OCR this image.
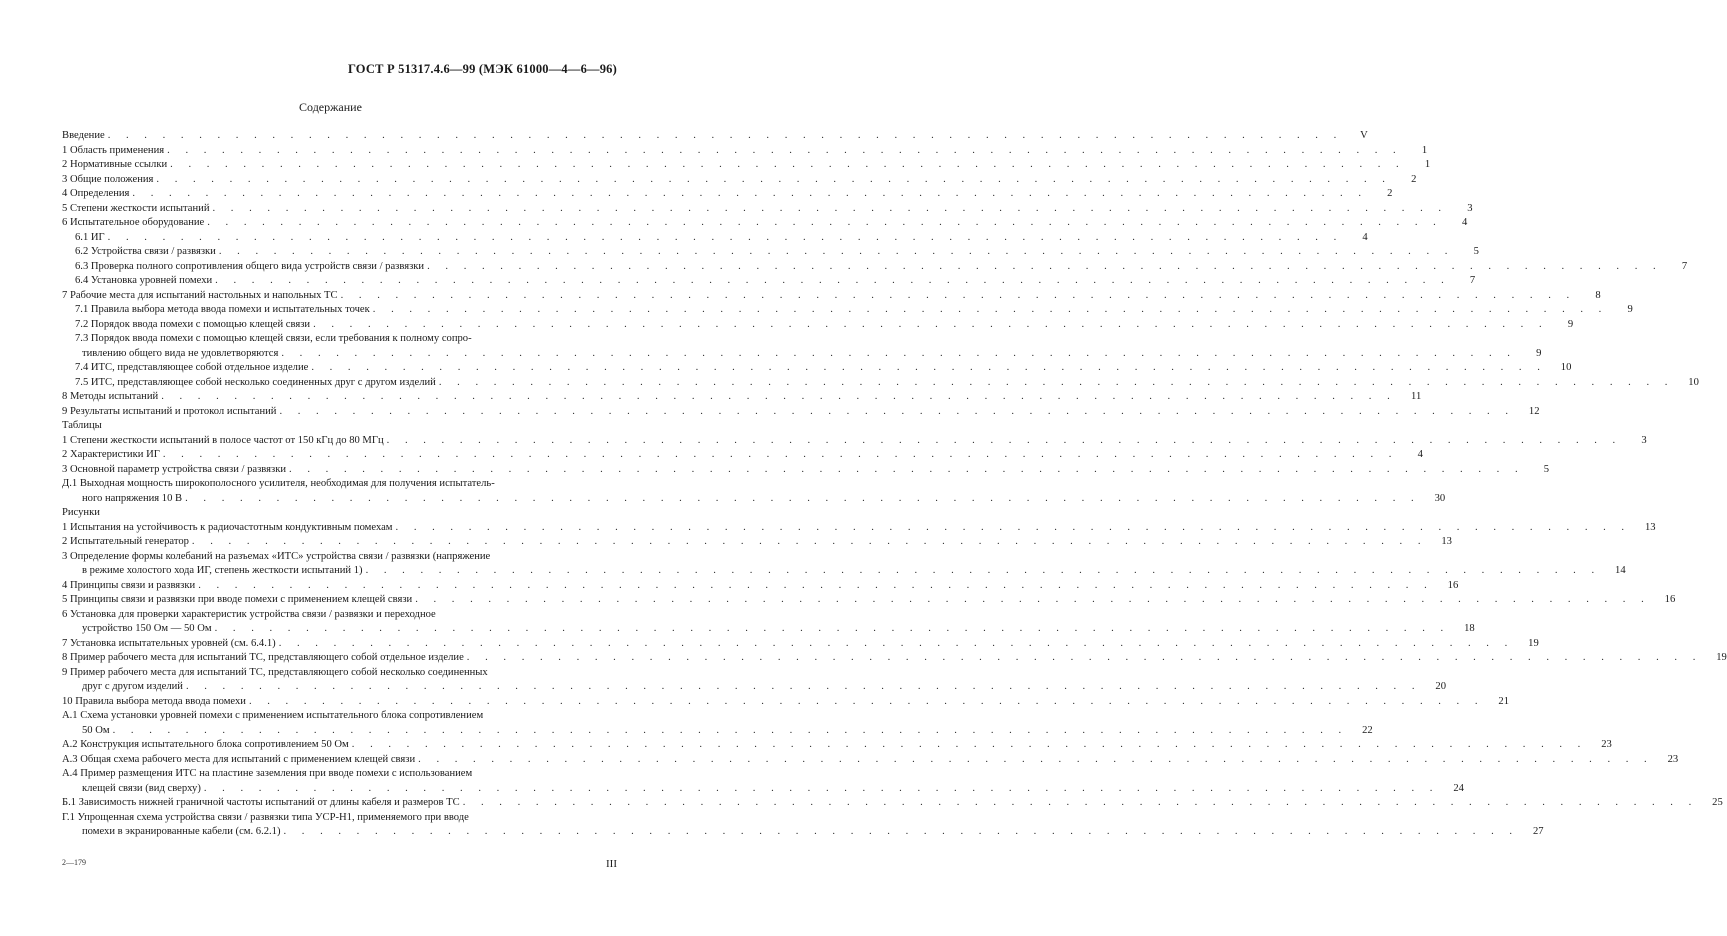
ГОСТ Р 51317.4.6—99 (МЭК 61000—4—6—96)
Содержание
Введение . . . . . . . . . . . . . . . . . . . . . . . . . . . . . . . . . . . . . . . . . . . . . . . . . . . . . . . . . . . . . . . . . . . .	V
1 Область применения . . . . . . . . . . . . . . . . . . . . . . . . . . . . . . . . . . . . . . . . . . . . . . . . . . . . . . . . . . . . . . . . . . . .	1
2 Нормативные ссылки . . . . . . . . . . . . . . . . . . . . . . . . . . . . . . . . . . . . . . . . . . . . . . . . . . . . . . . . . . . . . . . . . . . .	1
3 Общие положения . . . . . . . . . . . . . . . . . . . . . . . . . . . . . . . . . . . . . . . . . . . . . . . . . . . . . . . . . . . . . . . . . . . .	2
4 Определения . . . . . . . . . . . . . . . . . . . . . . . . . . . . . . . . . . . . . . . . . . . . . . . . . . . . . . . . . . . . . . . . . . . .	2
5 Степени жесткости испытаний . . . . . . . . . . . . . . . . . . . . . . . . . . . . . . . . . . . . . . . . . . . . . . . . . . . . . . . . . . . . . . . . . . . .	3
6 Испытательное оборудование . . . . . . . . . . . . . . . . . . . . . . . . . . . . . . . . . . . . . . . . . . . . . . . . . . . . . . . . . . . . . . . . . . . .	4
6.1 ИГ . . . . . . . . . . . . . . . . . . . . . . . . . . . . . . . . . . . . . . . . . . . . . . . . . . . . . . . . . . . . . . . . . . . .	4
6.2 Устройства связи / развязки . . . . . . . . . . . . . . . . . . . . . . . . . . . . . . . . . . . . . . . . . . . . . . . . . . . . . . . . . . . . . . . . . . . .	5
6.3 Проверка полного сопротивления общего вида устройств связи / развязки . . . . . . . . . . . . . . . . . . . . . . . . . . . . . . . . . . . . . . . . . . . . . . . . . . . . . . . . . . . . . . . . . . . .	7
6.4 Установка уровней помехи . . . . . . . . . . . . . . . . . . . . . . . . . . . . . . . . . . . . . . . . . . . . . . . . . . . . . . . . . . . . . . . . . . . .	7
7 Рабочие места для испытаний настольных и напольных ТС . . . . . . . . . . . . . . . . . . . . . . . . . . . . . . . . . . . . . . . . . . . . . . . . . . . . . . . . . . . . . . . . . . . .	8
7.1 Правила выбора метода ввода помехи и испытательных точек . . . . . . . . . . . . . . . . . . . . . . . . . . . . . . . . . . . . . . . . . . . . . . . . . . . . . . . . . . . . . . . . . . . .	9
7.2 Порядок ввода помехи с помощью клещей связи . . . . . . . . . . . . . . . . . . . . . . . . . . . . . . . . . . . . . . . . . . . . . . . . . . . . . . . . . . . . . . . . . . . .	9
7.3 Порядок ввода помехи с помощью клещей связи, если требования к полному сопро-
тивлению общего вида не удовлетворяются . . . . . . . . . . . . . . . . . . . . . . . . . . . . . . . . . . . . . . . . . . . . . . . . . . . . . . . . . . . . . . . . . . . .	9
7.4 ИТС, представляющее собой отдельное изделие . . . . . . . . . . . . . . . . . . . . . . . . . . . . . . . . . . . . . . . . . . . . . . . . . . . . . . . . . . . . . . . . . . . .	10
7.5 ИТС, представляющее собой несколько соединенных друг с другом изделий . . . . . . . . . . . . . . . . . . . . . . . . . . . . . . . . . . . . . . . . . . . . . . . . . . . . . . . . . . . . . . . . . . . .	10
8 Методы испытаний . . . . . . . . . . . . . . . . . . . . . . . . . . . . . . . . . . . . . . . . . . . . . . . . . . . . . . . . . . . . . . . . . . . .	11
9 Результаты испытаний и протокол испытаний . . . . . . . . . . . . . . . . . . . . . . . . . . . . . . . . . . . . . . . . . . . . . . . . . . . . . . . . . . . . . . . . . . . .	12
Таблицы
1 Степени жесткости испытаний в полосе частот от 150 кГц до 80 МГц . . . . . . . . . . . . . . . . . . . . . . . . . . . . . . . . . . . . . . . . . . . . . . . . . . . . . . . . . . . . . . . . . . . .	3
2 Характеристики ИГ . . . . . . . . . . . . . . . . . . . . . . . . . . . . . . . . . . . . . . . . . . . . . . . . . . . . . . . . . . . . . . . . . . . .	4
3 Основной параметр устройства связи / развязки . . . . . . . . . . . . . . . . . . . . . . . . . . . . . . . . . . . . . . . . . . . . . . . . . . . . . . . . . . . . . . . . . . . .	5
Д.1 Выходная мощность широкополосного усилителя, необходимая для получения испытатель-
ного напряжения 10 В . . . . . . . . . . . . . . . . . . . . . . . . . . . . . . . . . . . . . . . . . . . . . . . . . . . . . . . . . . . . . . . . . . . .	30
Рисунки
1 Испытания на устойчивость к радиочастотным кондуктивным помехам . . . . . . . . . . . . . . . . . . . . . . . . . . . . . . . . . . . . . . . . . . . . . . . . . . . . . . . . . . . . . . . . . . . .	13
2 Испытательный генератор . . . . . . . . . . . . . . . . . . . . . . . . . . . . . . . . . . . . . . . . . . . . . . . . . . . . . . . . . . . . . . . . . . . .	13
3 Определение формы колебаний на разъемах «ИТС» устройства связи / развязки (напряжение
в режиме холостого хода ИГ, степень жесткости испытаний 1) . . . . . . . . . . . . . . . . . . . . . . . . . . . . . . . . . . . . . . . . . . . . . . . . . . . . . . . . . . . . . . . . . . . .	14
4 Принципы связи и развязки . . . . . . . . . . . . . . . . . . . . . . . . . . . . . . . . . . . . . . . . . . . . . . . . . . . . . . . . . . . . . . . . . . . .	16
5 Принципы связи и развязки при вводе помехи с применением клещей связи . . . . . . . . . . . . . . . . . . . . . . . . . . . . . . . . . . . . . . . . . . . . . . . . . . . . . . . . . . . . . . . . . . . .	16
6 Установка для проверки характеристик устройства связи / развязки и переходное
устройство 150 Ом — 50 Ом . . . . . . . . . . . . . . . . . . . . . . . . . . . . . . . . . . . . . . . . . . . . . . . . . . . . . . . . . . . . . . . . . . . .	18
7 Установка испытательных уровней (см. 6.4.1) . . . . . . . . . . . . . . . . . . . . . . . . . . . . . . . . . . . . . . . . . . . . . . . . . . . . . . . . . . . . . . . . . . . .	19
8 Пример рабочего места для испытаний ТС, представляющего собой отдельное изделие . . . . . . . . . . . . . . . . . . . . . . . . . . . . . . . . . . . . . . . . . . . . . . . . . . . . . . . . . . . . . . . . . . . .	19
9 Пример рабочего места для испытаний ТС, представляющего собой несколько соединенных
друг с другом изделий . . . . . . . . . . . . . . . . . . . . . . . . . . . . . . . . . . . . . . . . . . . . . . . . . . . . . . . . . . . . . . . . . . . .	20
10 Правила выбора метода ввода помехи . . . . . . . . . . . . . . . . . . . . . . . . . . . . . . . . . . . . . . . . . . . . . . . . . . . . . . . . . . . . . . . . . . . .	21
А.1 Схема установки уровней помехи с применением испытательного блока сопротивлением
50 Ом . . . . . . . . . . . . . . . . . . . . . . . . . . . . . . . . . . . . . . . . . . . . . . . . . . . . . . . . . . . . . . . . . . . .	22
А.2 Конструкция испытательного блока сопротивлением 50 Ом . . . . . . . . . . . . . . . . . . . . . . . . . . . . . . . . . . . . . . . . . . . . . . . . . . . . . . . . . . . . . . . . . . . .	23
А.3 Общая схема рабочего места для испытаний с применением клещей связи . . . . . . . . . . . . . . . . . . . . . . . . . . . . . . . . . . . . . . . . . . . . . . . . . . . . . . . . . . . . . . . . . . . .	23
А.4 Пример размещения ИТС на пластине заземления при вводе помехи с использованием
клещей связи (вид сверху) . . . . . . . . . . . . . . . . . . . . . . . . . . . . . . . . . . . . . . . . . . . . . . . . . . . . . . . . . . . . . . . . . . . .	24
Б.1 Зависимость нижней граничной частоты испытаний от длины кабеля и размеров ТС . . . . . . . . . . . . . . . . . . . . . . . . . . . . . . . . . . . . . . . . . . . . . . . . . . . . . . . . . . . . . . . . . . . .	25
Г.1 Упрощенная схема устройства связи / развязки типа УСР-Н1, применяемого при вводе
помехи в экранированные кабели (см. 6.2.1) . . . . . . . . . . . . . . . . . . . . . . . . . . . . . . . . . . . . . . . . . . . . . . . . . . . . . . . . . . . . . . . . . . . .	27
2—179	III
